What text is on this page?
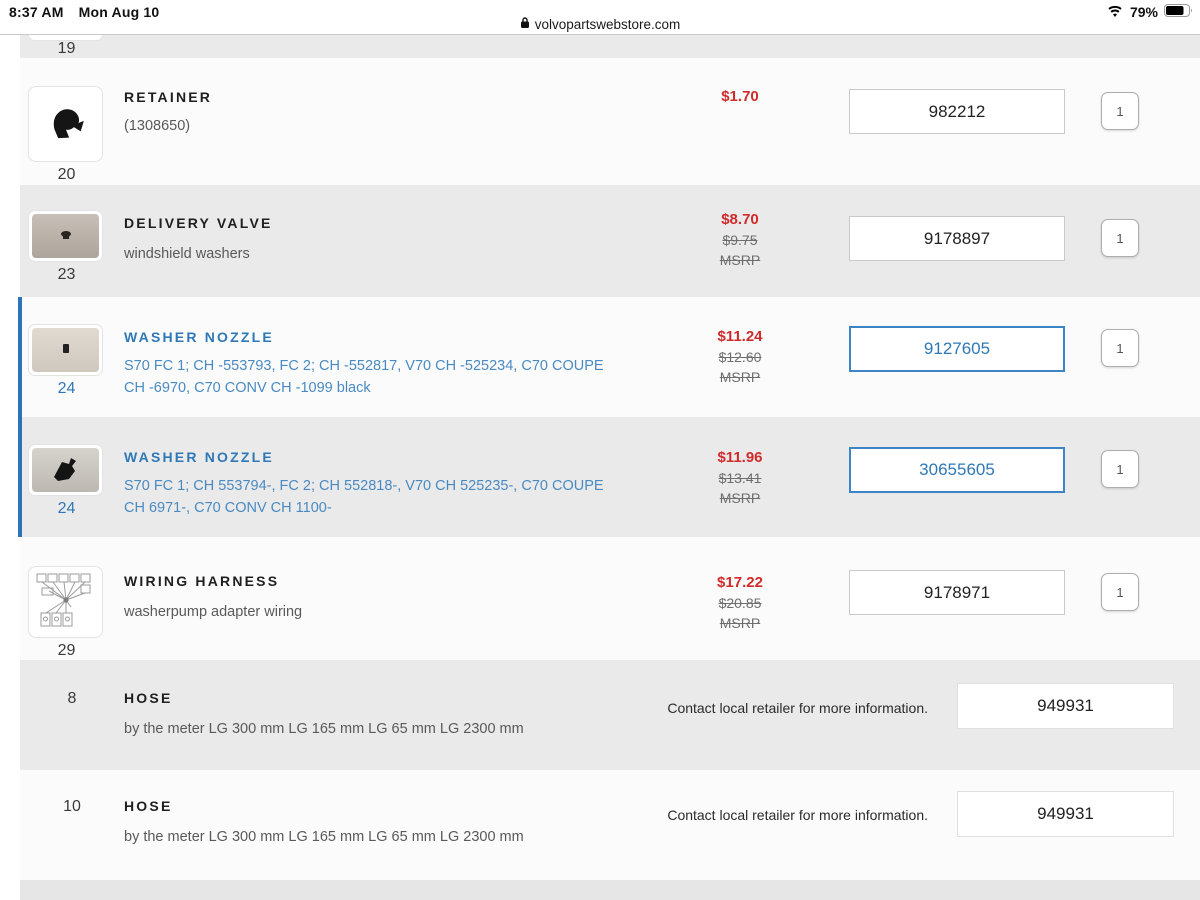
8:37 AM Mon Aug 10
volvopartswebstore.com
79%
19
20
RETAINER
(1308650)
$1.70
982212
1
23
DELIVERY VALVE
windshield washers
$8.70
$9.75
MSRP
9178897
1
24
WASHER NOZZLE
S70 FC 1; CH -553793, FC 2; CH -552817, V70 CH -525234, C70 COUPE CH -6970, C70 CONV CH -1099 black
$11.24
$12.60
MSRP
9127605
1
24
WASHER NOZZLE
S70 FC 1; CH 553794-, FC 2; CH 552818-, V70 CH 525235-, C70 COUPE CH 6971-, C70 CONV CH 1100-
$11.96
$13.41
MSRP
30655605
1
29
WIRING HARNESS
washerpump adapter wiring
$17.22
$20.85
MSRP
9178971
1
8	HOSE
by the meter LG 300 mm LG 165 mm LG 65 mm LG 2300 mm
Contact local retailer for more information.
949931
10	HOSE
by the meter LG 300 mm LG 165 mm LG 65 mm LG 2300 mm
Contact local retailer for more information.
949931
